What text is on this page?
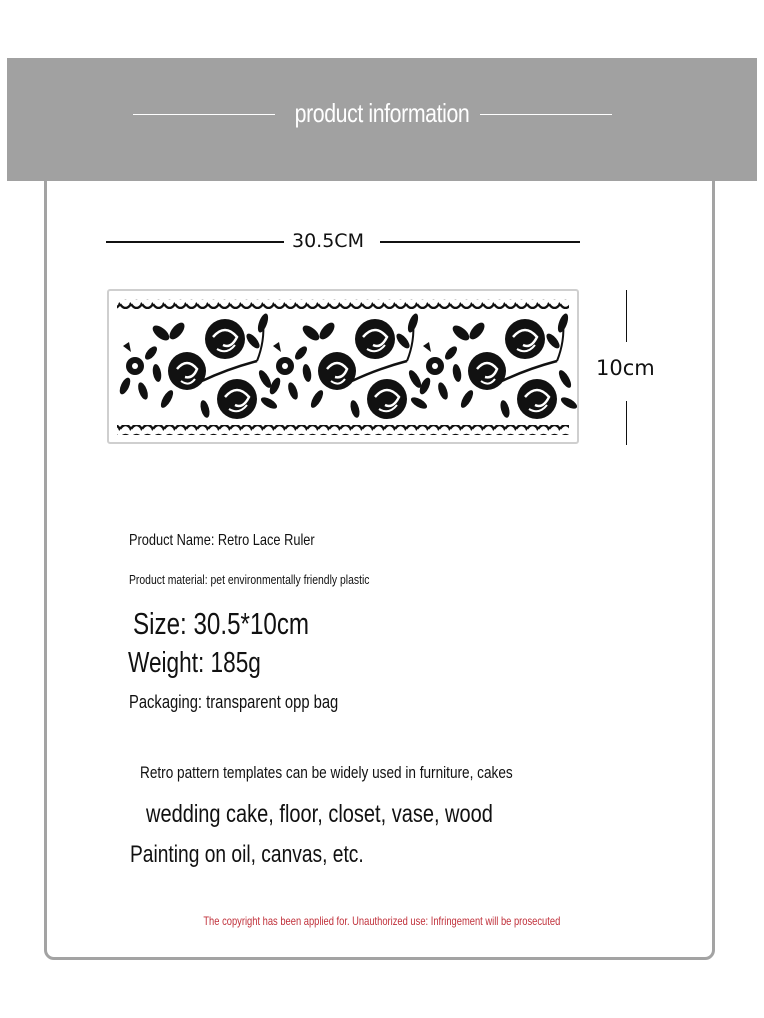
product information
30.5CM
10cm
Product Name: Retro Lace Ruler
Product material: pet environmentally friendly plastic
Size: 30.5*10cm
Weight: 185g
Packaging: transparent opp bag
Retro pattern templates can be widely used in furniture, cakes
wedding cake, floor, closet, vase, wood
Painting on oil, canvas, etc.
The copyright has been applied for. Unauthorized use: Infringement will be prosecuted
